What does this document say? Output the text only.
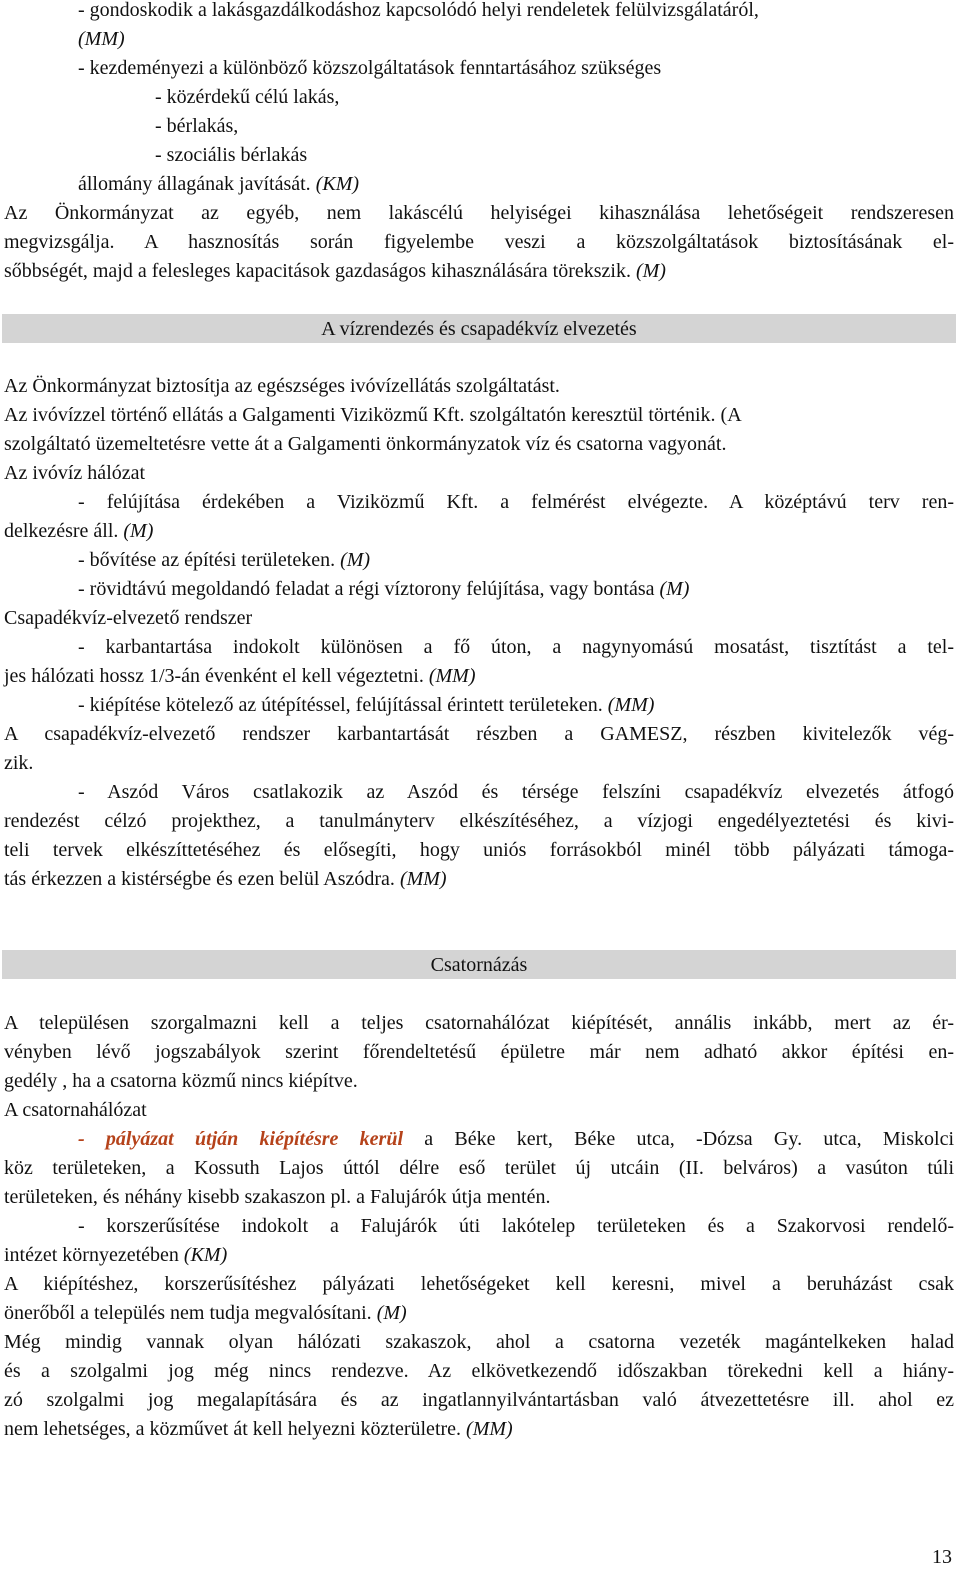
- gondoskodik a lakásgazdálkodáshoz kapcsolódó helyi rendeletek felülvizsgálatáról,
(MM)
- kezdeményezi a különböző közszolgáltatások fenntartásához szükséges
- közérdekű célú lakás,
- bérlakás,
- szociális bérlakás
állomány állagának javítását. (KM)
Az Önkormányzat az egyéb, nem lakáscélú helyiségei kihasználása lehetőségeit rendszeresen
megvizsgálja. A hasznosítás során figyelembe veszi a közszolgáltatások biztosításának el-
sőbbségét, majd a felesleges kapacitások gazdaságos kihasználására törekszik. (M)
A vízrendezés és csapadékvíz elvezetés
Az Önkormányzat biztosítja az egészséges ivóvízellátás szolgáltatást.
Az ivóvízzel történő ellátás a Galgamenti Viziközmű Kft. szolgáltatón keresztül történik. (A
szolgáltató üzemeltetésre vette át a Galgamenti önkormányzatok víz és csatorna vagyonát.
Az ivóvíz hálózat
- felújítása érdekében a Viziközmű Kft. a felmérést elvégezte. A középtávú terv ren-
delkezésre áll. (M)
- bővítése az építési területeken. (M)
- rövidtávú megoldandó feladat a régi víztorony felújítása, vagy bontása (M)
Csapadékvíz-elvezető rendszer
- karbantartása indokolt különösen a fő úton, a nagynyomású mosatást, tisztítást a tel-
jes hálózati hossz 1/3-án évenként el kell végeztetni. (MM)
- kiépítése kötelező az útépítéssel, felújítással érintett területeken. (MM)
A csapadékvíz-elvezető rendszer karbantartását részben a GAMESZ, részben kivitelezők vég-
zik.
- Aszód Város csatlakozik az Aszód és térsége felszíni csapadékvíz elvezetés átfogó
rendezést célzó projekthez, a tanulmányterv elkészítéséhez, a vízjogi engedélyeztetési és kivi-
teli tervek elkészíttetéséhez és elősegíti, hogy uniós forrásokból minél több pályázati támoga-
tás érkezzen a kistérségbe és ezen belül Aszódra. (MM)
Csatornázás
A településen szorgalmazni kell a teljes csatornahálózat kiépítését, annális inkább, mert az ér-
vényben lévő jogszabályok szerint főrendeltetésű épületre már nem adható akkor építési en-
gedély , ha a csatorna közmű nincs kiépítve.
A csatornahálózat
- pályázat útján kiépítésre kerül a Béke kert, Béke utca, -Dózsa Gy. utca, Miskolci
köz területeken, a Kossuth Lajos úttól délre eső terület új utcáin (II. belváros) a vasúton túli
területeken, és néhány kisebb szakaszon pl. a Falujárók útja mentén.
- korszerűsítése indokolt a Falujárók úti lakótelep területeken és a Szakorvosi rendelő-
intézet környezetében (KM)
A kiépítéshez, korszerűsítéshez pályázati lehetőségeket kell keresni, mivel a beruházást csak
önerőből a település nem tudja megvalósítani. (M)
Még mindig vannak olyan hálózati szakaszok, ahol a csatorna vezeték magántelkeken halad
és a szolgalmi jog még nincs rendezve. Az elkövetkezendő időszakban törekedni kell a hiány-
zó szolgalmi jog megalapítására és az ingatlannyilvántartásban való átvezettetésre ill. ahol ez
nem lehetséges, a közművet át kell helyezni közterületre. (MM)
13
